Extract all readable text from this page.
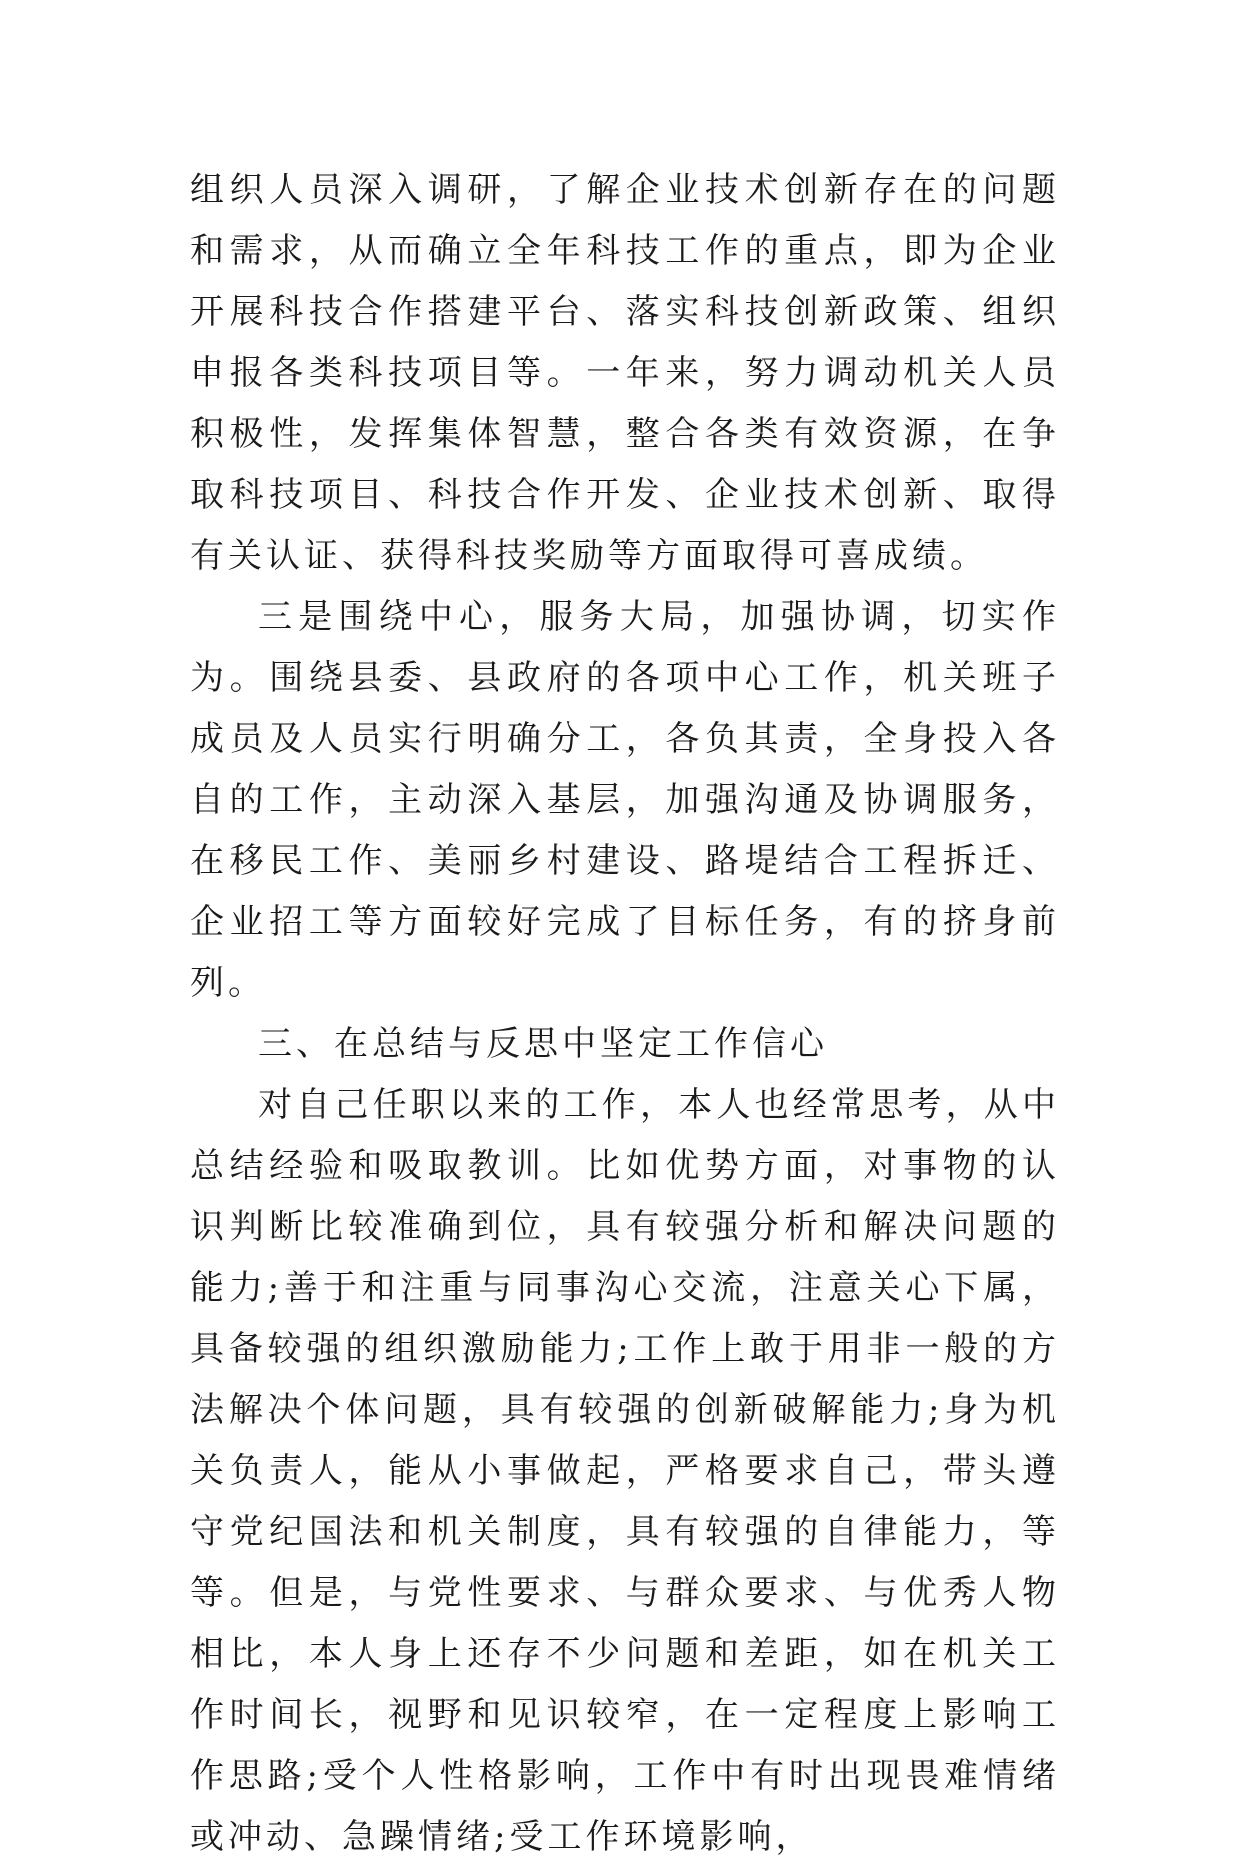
组织人员深入调研，了解企业技术创新存在的问题和需求，从而确立全年科技工作的重点，即为企业开展科技合作搭建平台、落实科技创新政策、组织申报各类科技项目等。一年来，努力调动机关人员积极性，发挥集体智慧，整合各类有效资源，在争取科技项目、科技合作开发、企业技术创新、取得有关认证、获得科技奖励等方面取得可喜成绩。

三是围绕中心，服务大局，加强协调，切实作为。围绕县委、县政府的各项中心工作，机关班子成员及人员实行明确分工，各负其责，全身投入各自的工作，主动深入基层，加强沟通及协调服务，在移民工作、美丽乡村建设、路堤结合工程拆迁、企业招工等方面较好完成了目标任务，有的挤身前列。

三、在总结与反思中坚定工作信心

对自己任职以来的工作，本人也经常思考，从中总结经验和吸取教训。比如优势方面，对事物的认识判断比较准确到位，具有较强分析和解决问题的能力;善于和注重与同事沟心交流，注意关心下属，具备较强的组织激励能力;工作上敢于用非一般的方法解决个体问题，具有较强的创新破解能力;身为机关负责人，能从小事做起，严格要求自己，带头遵守党纪国法和机关制度，具有较强的自律能力，等等。但是，与党性要求、与群众要求、与优秀人物相比，本人身上还存不少问题和差距，如在机关工作时间长，视野和见识较窄，在一定程度上影响工作思路;受个人性格影响，工作中有时出现畏难情绪或冲动、急躁情绪;受工作环境影响，
